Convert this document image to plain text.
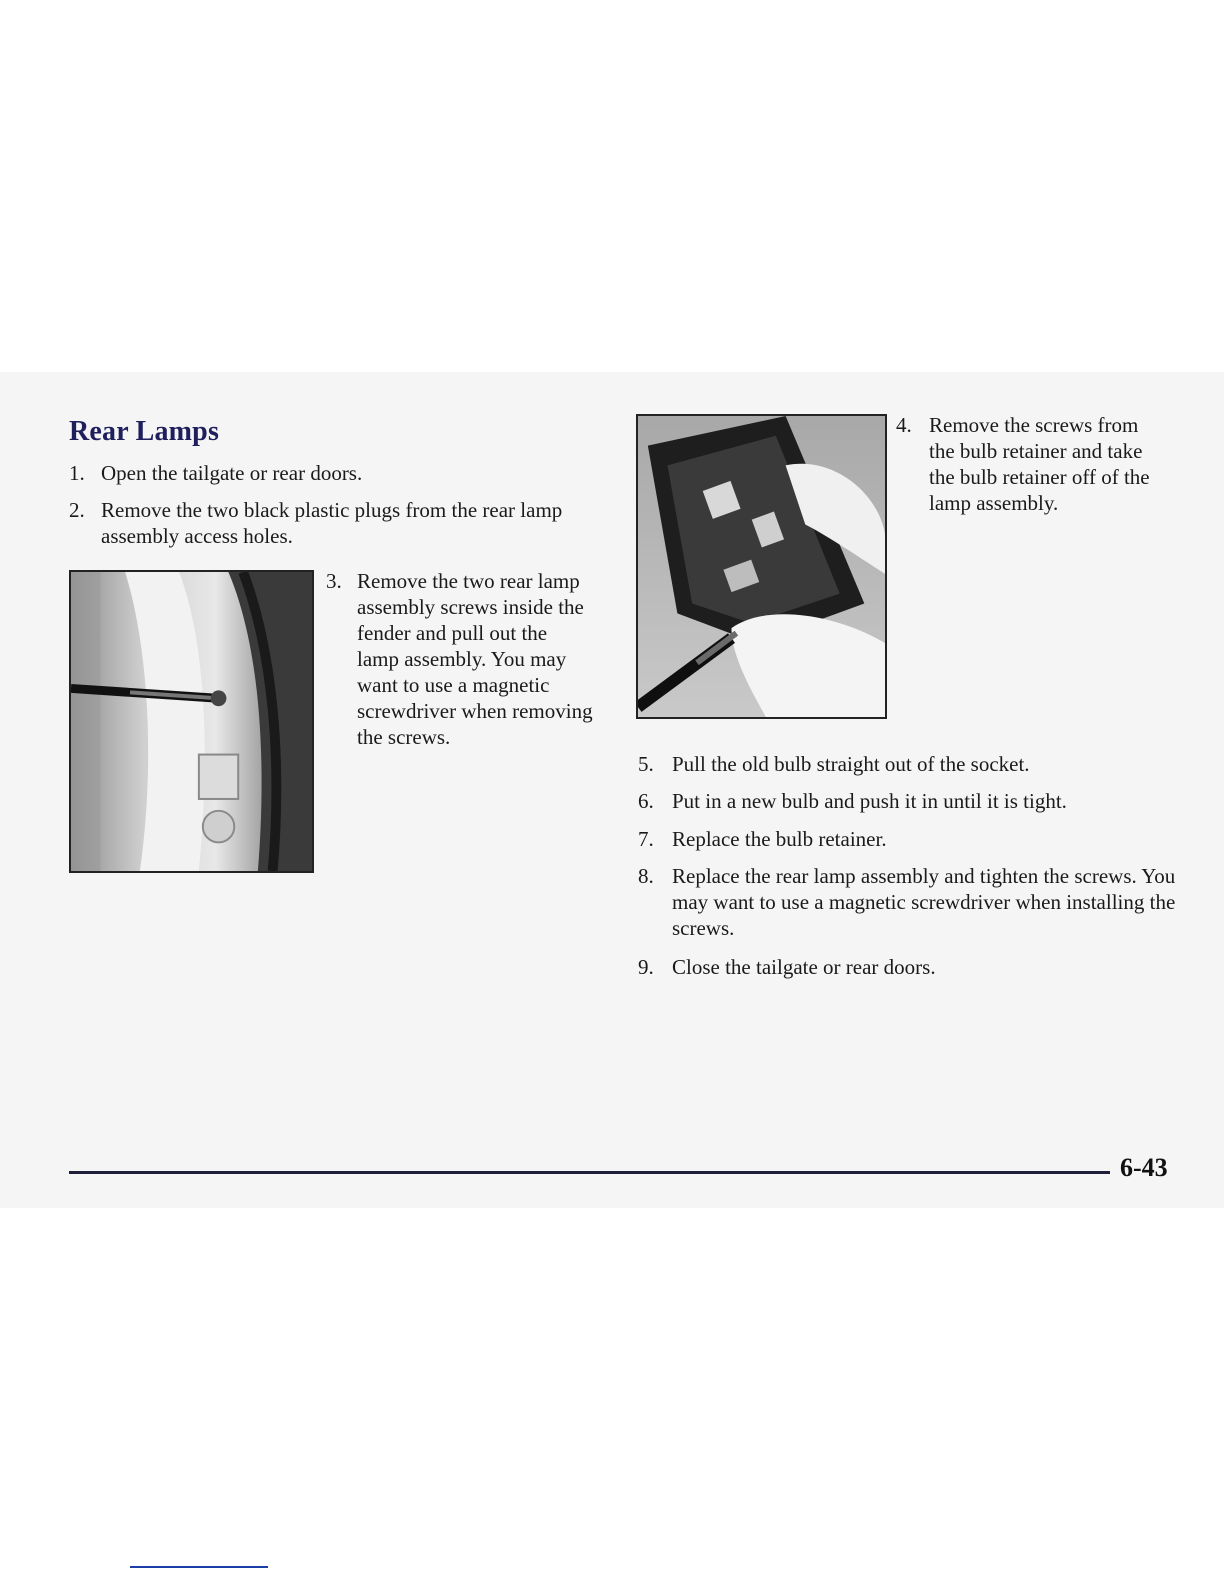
Rear Lamps
1. Open the tailgate or rear doors.
2. Remove the two black plastic plugs from the rear lamp assembly access holes.
3. Remove the two rear lamp assembly screws inside the fender and pull out the lamp assembly. You may want to use a magnetic screwdriver when removing the screws.
4. Remove the screws from the bulb retainer and take the bulb retainer off of the lamp assembly.
5. Pull the old bulb straight out of the socket.
6. Put in a new bulb and push it in until it is tight.
7. Replace the bulb retainer.
8. Replace the rear lamp assembly and tighten the screws. You may want to use a magnetic screwdriver when installing the screws.
9. Close the tailgate or rear doors.
6-43
